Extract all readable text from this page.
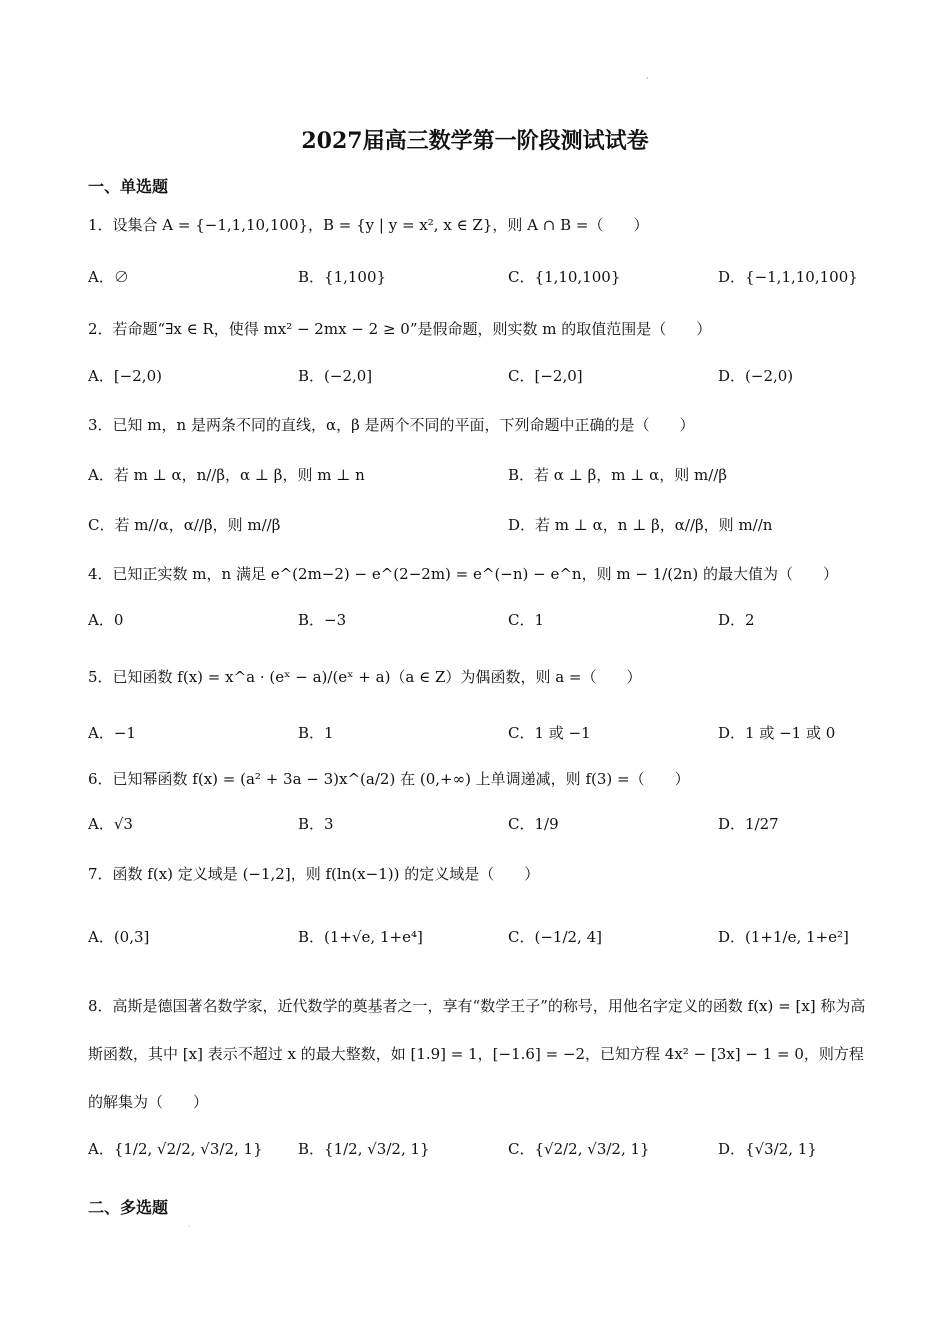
·
2027届高三数学第一阶段测试试卷
一、单选题
1．设集合 A = {−1,1,10,100}，B = {y | y = x², x ∈ Z}，则 A ∩ B =（　　）
A．∅	B．{1,100}	C．{1,10,100}	D．{−1,1,10,100}
2．若命题“∃x ∈ R，使得 mx² − 2mx − 2 ≥ 0”是假命题，则实数 m 的取值范围是（　　）
A．[−2,0)	B．(−2,0]	C．[−2,0]	D．(−2,0)
3．已知 m，n 是两条不同的直线，α，β 是两个不同的平面，下列命题中正确的是（　　）
A．若 m ⊥ α，n//β，α ⊥ β，则 m ⊥ n	B．若 α ⊥ β，m ⊥ α，则 m//β
C．若 m//α，α//β，则 m//β	D．若 m ⊥ α，n ⊥ β，α//β，则 m//n
4．已知正实数 m，n 满足 e^(2m−2) − e^(2−2m) = e^(−n) − e^n，则 m − 1/(2n) 的最大值为（　　）
A．0	B．−3	C．1	D．2
5．已知函数 f(x) = x^a · (eˣ − a)/(eˣ + a)（a ∈ Z）为偶函数，则 a =（　　）
A．−1	B．1	C．1 或 −1	D．1 或 −1 或 0
6．已知幂函数 f(x) = (a² + 3a − 3)x^(a/2) 在 (0,+∞) 上单调递减，则 f(3) =（　　）
A．√3	B．3	C．1/9	D．1/27
7．函数 f(x) 定义域是 (−1,2]，则 f(ln(x−1)) 的定义域是（　　）
A．(0,3]	B．(1+√e, 1+e⁴]	C．(−1/2, 4]	D．(1+1/e, 1+e²]
8．高斯是德国著名数学家，近代数学的奠基者之一，享有“数学王子”的称号，用他名字定义的函数 f(x) = [x] 称为高斯函数，其中 [x] 表示不超过 x 的最大整数，如 [1.9] = 1，[−1.6] = −2，已知方程 4x² − [3x] − 1 = 0，则方程的解集为（　　）
A．{1/2, √2/2, √3/2, 1} B．{1/2, √3/2, 1}	C．{√2/2, √3/2, 1}	D．{√3/2, 1}
二、多选题
·
